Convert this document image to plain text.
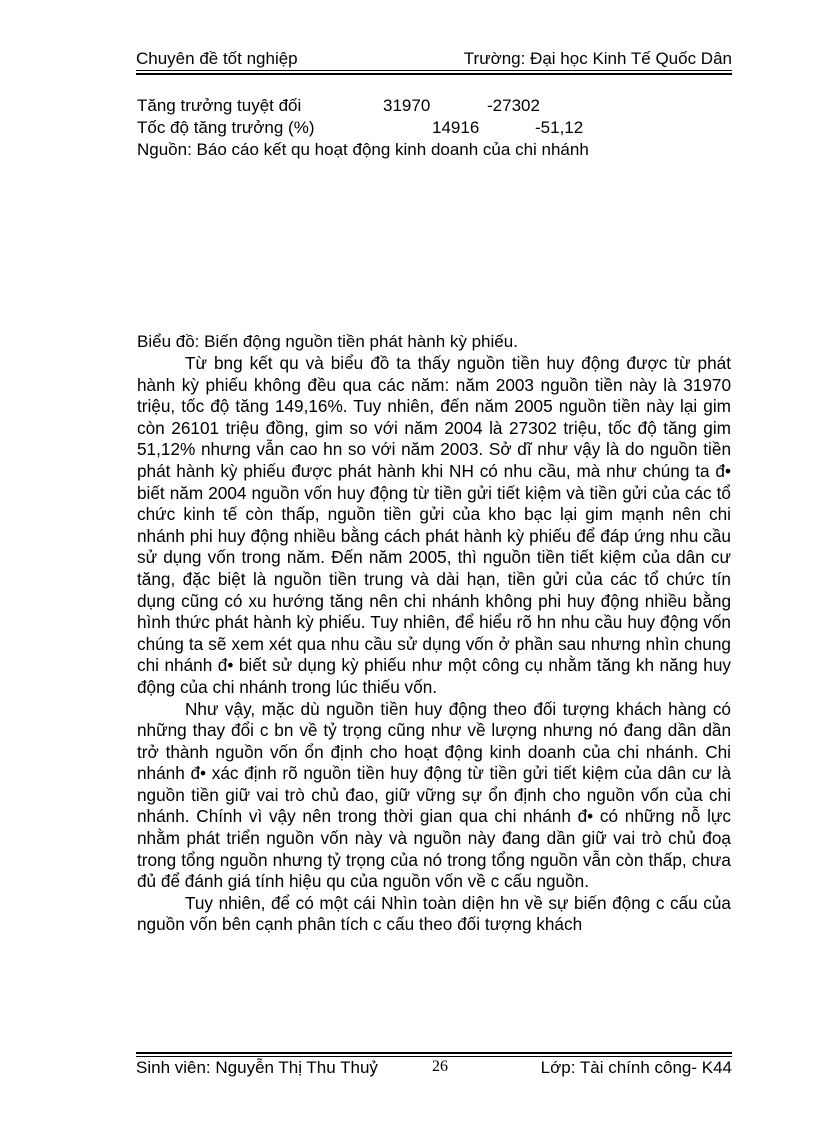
Chuyên đề tốt nghiệp	Trường: Đại học Kinh Tế Quốc Dân
Tăng trưởng tuyệt đối	31970	-27302
Tốc độ tăng trưởng (%)	14916	-51,12
Nguồn: Báo cáo kết qu hoạt động kinh doanh của chi nhánh
Biểu đồ: Biến động nguồn tiền phát hành kỳ phiếu.

Từ bng kết qu và biểu đồ ta thấy nguồn tiền huy động được từ phát hành kỳ phiếu không đều qua các năm: năm 2003 nguồn tiền này là 31970 triệu, tốc độ tăng 149,16%. Tuy nhiên, đến năm 2005 nguồn tiền này lại gim còn 26101 triệu đồng, gim so với năm 2004 là 27302 triệu, tốc độ tăng gim 51,12% nhưng vẫn cao hn so với năm 2003. Sở dĩ như vậy là do nguồn tiền phát hành kỳ phiếu được phát hành khi NH có nhu cầu, mà như chúng ta đ• biết năm 2004 nguồn vốn huy động từ tiền gửi tiết kiệm và tiền gửi của các tổ chức kinh tế còn thấp, nguồn tiền gửi của kho bạc lại gim mạnh nên chi nhánh phi huy động nhiều bằng cách phát hành kỳ phiếu để đáp ứng nhu cầu sử dụng vốn trong năm. Đến năm 2005, thì nguồn tiền tiết kiệm của dân cư tăng, đặc biệt là nguồn tiền trung và dài hạn, tiền gửi của các tổ chức tín dụng cũng có xu hướng tăng nên chi nhánh không phi huy động nhiều bằng hình thức phát hành kỳ phiếu. Tuy nhiên, để hiểu rõ hn nhu cầu huy động vốn chúng ta sẽ xem xét qua nhu cầu sử dụng vốn ở phần sau nhưng nhìn chung chi nhánh đ• biết sử dụng kỳ phiếu như một công cụ nhằm tăng kh năng huy động của chi nhánh trong lúc thiếu vốn.

Như vậy, mặc dù nguồn tiền huy động theo đối tượng khách hàng có những thay đổi c bn về tỷ trọng cũng như về lượng nhưng nó đang dần dần trở thành nguồn vốn ổn định cho hoạt động kinh doanh của chi nhánh. Chi nhánh đ• xác định rõ nguồn tiền huy động từ tiền gửi tiết kiệm của dân cư là nguồn tiền giữ vai trò chủ đao, giữ vững sự ổn định cho nguồn vốn của chi nhánh. Chính vì vậy nên trong thời gian qua chi nhánh đ• có những nỗ lực nhằm phát triển nguồn vốn này và nguồn này đang dần giữ vai trò chủ đoạ trong tổng nguồn nhưng tỷ trọng của nó trong tổng nguồn vẫn còn thấp, chưa đủ để đánh giá tính hiệu qu của nguồn vốn về c cấu nguồn.

Tuy nhiên, để có một cái Nhìn toàn diện hn về sự biến động c cấu của nguồn vốn bên cạnh phân tích c cấu theo đối tượng khách

Sinh viên: Nguyễn Thị Thu Thuỷ	26	Lớp: Tài chính công- K44
